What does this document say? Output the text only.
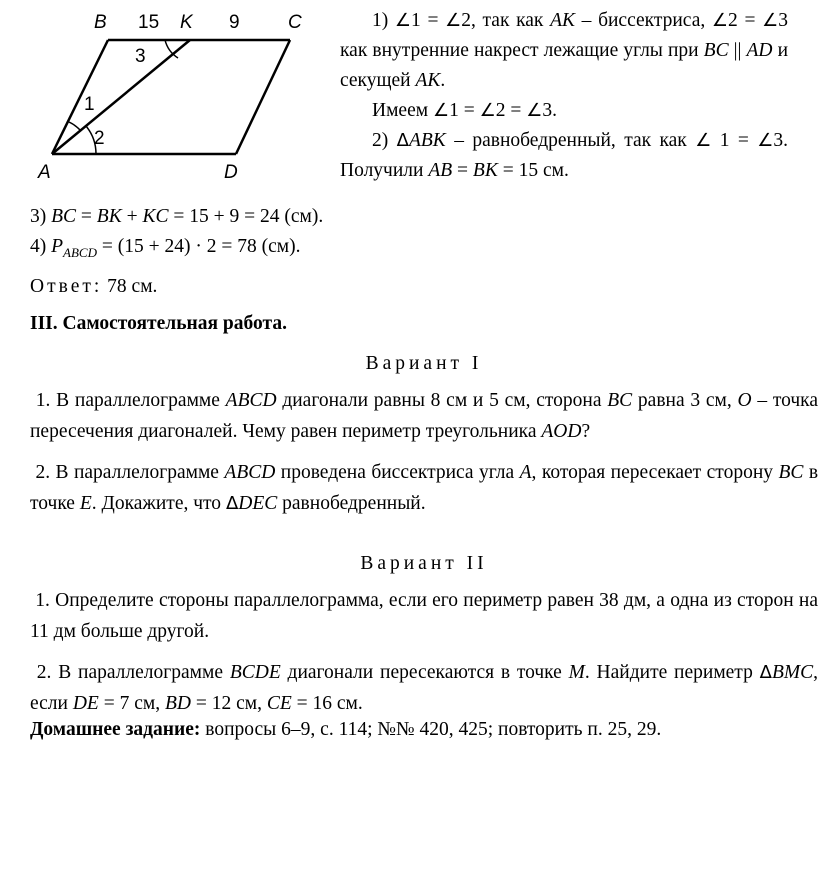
B 15 K 9	C
3
1
2
A	D

1) ∠1 = ∠2, так как AK – биссектриса, ∠2 = ∠3 как внутренние накрест лежащие углы при BC || AD и секущей AK.

Имеем ∠1 = ∠2 = ∠3.

2) ΔABK – равнобедренный, так как ∠ 1 = ∠3. Получили AB = BK = 15 см.

3) BC = BK + KC = 15 + 9 = 24 (см).

4) $P_{ABCD} = (15 + 24) \cdot 2 = 78$ (см).

Ответ: 78 см.

III. Самостоятельная работа.

Вариант I

1. В параллелограмме ABCD диагонали равны 8 см и 5 см, сторона BC равна 3 см, O – точка пересечения диагоналей. Чему равен периметр треугольника AOD?

2. В параллелограмме ABCD проведена биссектриса угла A, которая пересекает сторону BC в точке E. Докажите, что ΔDEC равнобедренный.

Вариант II

1. Определите стороны параллелограмма, если его периметр равен 38 дм, а одна из сторон на 11 дм больше другой.

2. В параллелограмме BCDE диагонали пересекаются в точке M. Найдите периметр ΔBMC, если DE = 7 см, BD = 12 см, CE = 16 см.

Домашнее задание: вопросы 6–9, с. 114; №№ 420, 425; повторить п. 25, 29.
